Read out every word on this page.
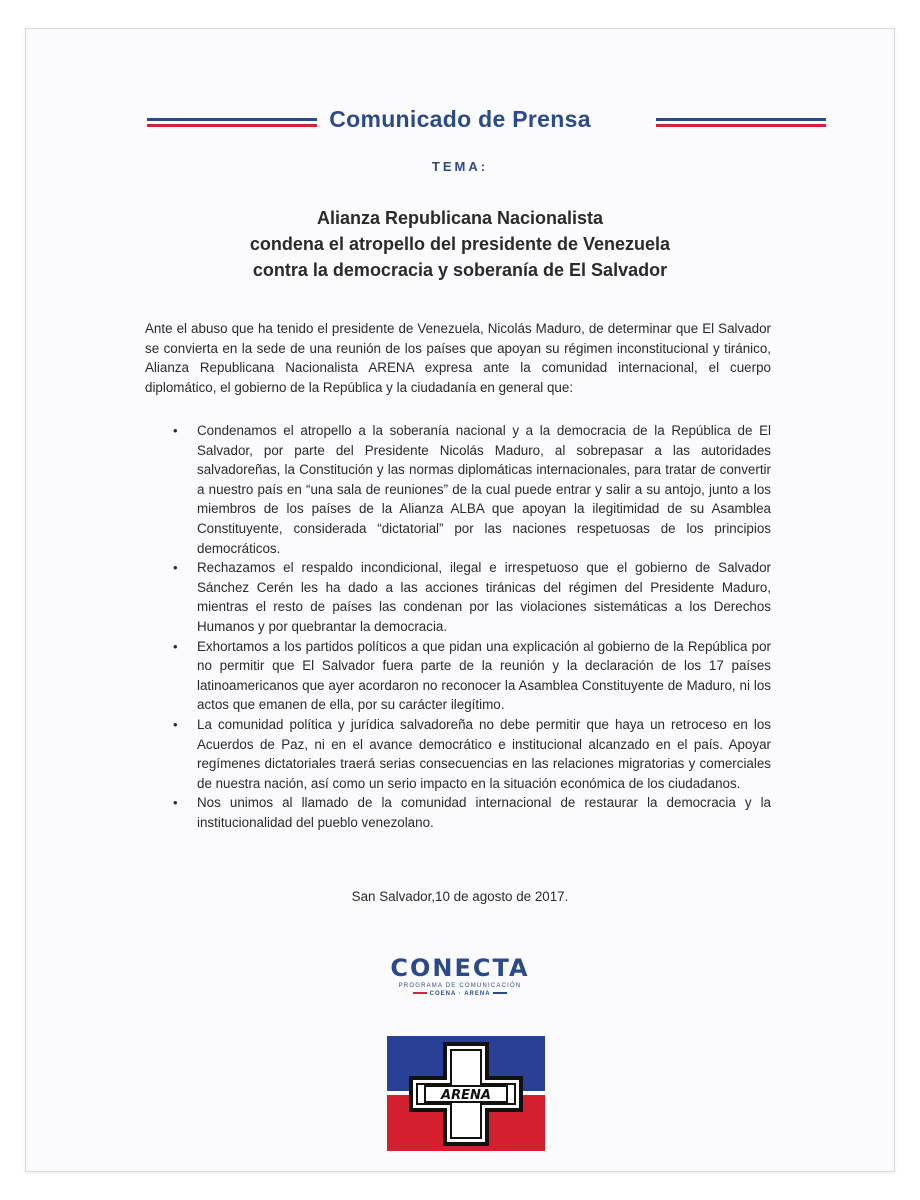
Comunicado de Prensa
TEMA:
Alianza Republicana Nacionalista
condena el atropello del presidente de Venezuela
contra la democracia y soberanía de El Salvador
Ante el abuso que ha tenido el presidente de Venezuela, Nicolás Maduro, de determinar que El Salvador se convierta en la sede de una reunión de los países que apoyan su régimen inconstitucional y tiránico, Alianza Republicana Nacionalista ARENA expresa ante la comunidad internacional, el cuerpo diplomático, el gobierno de la República y la ciudadanía en general que:
• Condenamos el atropello a la soberanía nacional y a la democracia de la República de El Salvador, por parte del Presidente Nicolás Maduro, al sobrepasar a las autoridades salvadoreñas, la Constitución y las normas diplomáticas internacionales, para tratar de convertir a nuestro país en “una sala de reuniones” de la cual puede entrar y salir a su antojo, junto a los miembros de los países de la Alianza ALBA que apoyan la ilegitimidad de su Asamblea Constituyente, considerada “dictatorial” por las naciones respetuosas de los principios democráticos.
• Rechazamos el respaldo incondicional, ilegal e irrespetuoso que el gobierno de Salvador Sánchez Cerén les ha dado a las acciones tiránicas del régimen del Presidente Maduro, mientras el resto de países las condenan por las violaciones sistemáticas a los Derechos Humanos y por quebrantar la democracia.
• Exhortamos a los partidos políticos a que pidan una explicación al gobierno de la República por no permitir que El Salvador fuera parte de la reunión y la declaración de los 17 países latinoamericanos que ayer acordaron no reconocer la Asamblea Constituyente de Maduro, ni los actos que emanen de ella, por su carácter ilegítimo.
• La comunidad política y jurídica salvadoreña no debe permitir que haya un retroceso en los Acuerdos de Paz, ni en el avance democrático e institucional alcanzado en el país. Apoyar regímenes dictatoriales traerá serias consecuencias en las relaciones migratorias y comerciales de nuestra nación, así como un serio impacto en la situación económica de los ciudadanos.
• Nos unimos al llamado de la comunidad internacional de restaurar la democracia y la institucionalidad del pueblo venezolano.
San Salvador,10 de agosto de 2017.
CONECTA
PROGRAMA DE COMUNICACIÓN
COENA · ARENA
ARENA
